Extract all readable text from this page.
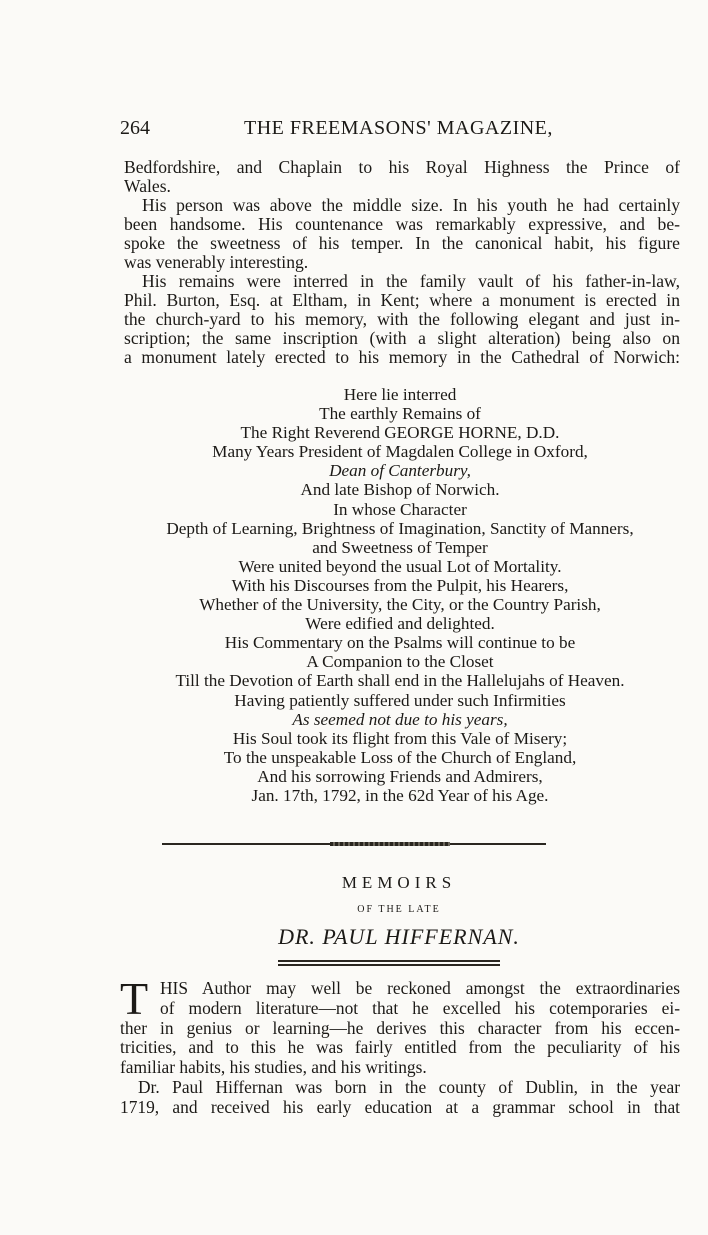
264	THE FREEMASONS' MAGAZINE,
Bedfordshire, and Chaplain to his Royal Highness the Prince of
Wales.
His person was above the middle size. In his youth he had certainly
been handsome. His countenance was remarkably expressive, and be-
spoke the sweetness of his temper. In the canonical habit, his figure
was venerably interesting.
His remains were interred in the family vault of his father-in-law,
Phil. Burton, Esq. at Eltham, in Kent; where a monument is erected in
the church-yard to his memory, with the following elegant and just in-
scription; the same inscription (with a slight alteration) being also on
a monument lately erected to his memory in the Cathedral of Norwich:
Here lie interred
The earthly Remains of
The Right Reverend GEORGE HORNE, D.D.
Many Years President of Magdalen College in Oxford,
Dean of Canterbury,
And late Bishop of Norwich.
In whose Character
Depth of Learning, Brightness of Imagination, Sanctity of Manners,
and Sweetness of Temper
Were united beyond the usual Lot of Mortality.
With his Discourses from the Pulpit, his Hearers,
Whether of the University, the City, or the Country Parish,
Were edified and delighted.
His Commentary on the Psalms will continue to be
A Companion to the Closet
Till the Devotion of Earth shall end in the Hallelujahs of Heaven.
Having patiently suffered under such Infirmities
As seemed not due to his years,
His Soul took its flight from this Vale of Misery;
To the unspeakable Loss of the Church of England,
And his sorrowing Friends and Admirers,
Jan. 17th, 1792, in the 62d Year of his Age.
MEMOIRS
OF THE LATE
DR. PAUL HIFFERNAN.
T HIS Author may well be reckoned amongst the extraordinaries
of modern literature—not that he excelled his cotemporaries ei-
ther in genius or learning—he derives this character from his eccen-
tricities, and to this he was fairly entitled from the peculiarity of his
familiar habits, his studies, and his writings.
Dr. Paul Hiffernan was born in the county of Dublin, in the year
1719, and received his early education at a grammar school in that
